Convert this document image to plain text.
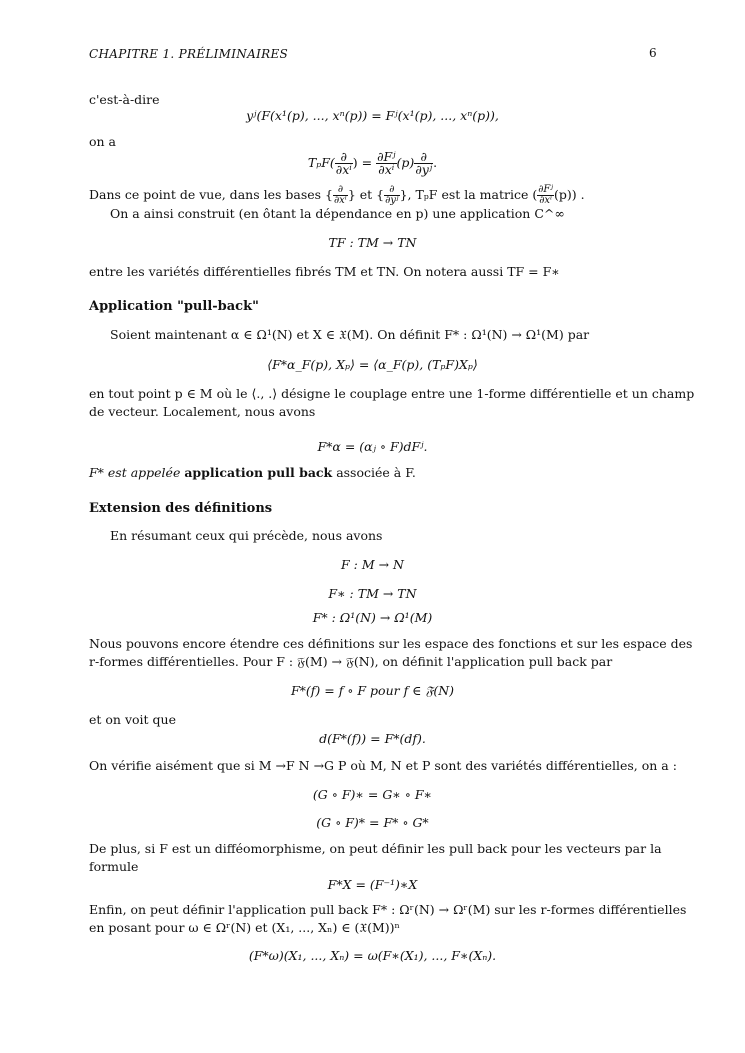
CHAPITRE 1. PRÉLIMINAIRES	6
c'est-à-dire
yʲ(F(x¹(p), ..., xⁿ(p)) = Fʲ(x¹(p), ..., xⁿ(p)),
on a
$T_pF( \frac{\partial}{\text{∂xⁱ}}$ ) = $\frac{\text{∂Fʲ}}{\text{∂xⁱ}} (p) \frac{\partial}{\text{∂yʲ}}$ .
Dans ce point de vue, dans les bases { $\frac{\partial}{\text{∂xⁱ}}$ } et { $\frac{\partial}{\text{∂yʲ}}$ }, TₚF est la matrice ( $\frac{\text{∂Fʲ}}{\text{∂xⁱ}} (p)$) .
On a ainsi construit (en ôtant la dépendance en p) une application C^∞
TF : TM → TN
entre les variétés différentielles fibrés TM et TN. On notera aussi TF = F∗
Application "pull-back"
Soient maintenant α ∈ Ω¹(N) et X ∈ 𝔛(M). On définit F* : Ω¹(N) → Ω¹(M) par
⟨F*α_F(p), Xₚ⟩ = ⟨α_F(p), (TₚF)Xₚ⟩
en tout point p ∈ M où le ⟨., .⟩ désigne le couplage entre une 1-forme différentielle et un champ
de vecteur. Localement, nous avons
F*α = (αⱼ ∘ F)dFʲ.
F* est appelée application pull back associée à F.
Extension des définitions
En résumant ceux qui précède, nous avons
F : M → N
F∗ : TM → TN
F* : Ω¹(N) → Ω¹(M)
Nous pouvons encore étendre ces définitions sur les espace des fonctions et sur les espace des
r-formes différentielles. Pour F : 𝔉(M) → 𝔉(N), on définit l'application pull back par
F*(f) = f ∘ F pour f ∈ 𝔉(N)
et on voit que
d(F*(f)) = F*(df).
On vérifie aisément que si M →F N →G P où M, N et P sont des variétés différentielles, on a :
(G ∘ F)∗ = G∗ ∘ F∗
(G ∘ F)* = F* ∘ G*
De plus, si F est un difféomorphisme, on peut définir les pull back pour les vecteurs par la
formule
F*X = (F⁻¹)∗X
Enfin, on peut définir l'application pull back F* : Ωʳ(N) → Ωʳ(M) sur les r-formes différentielles
en posant pour ω ∈ Ωʳ(N) et (X₁, ..., Xₙ) ∈ (𝔛(M))ⁿ
(F*ω)(X₁, ..., Xₙ) = ω(F∗(X₁), ..., F∗(Xₙ).
